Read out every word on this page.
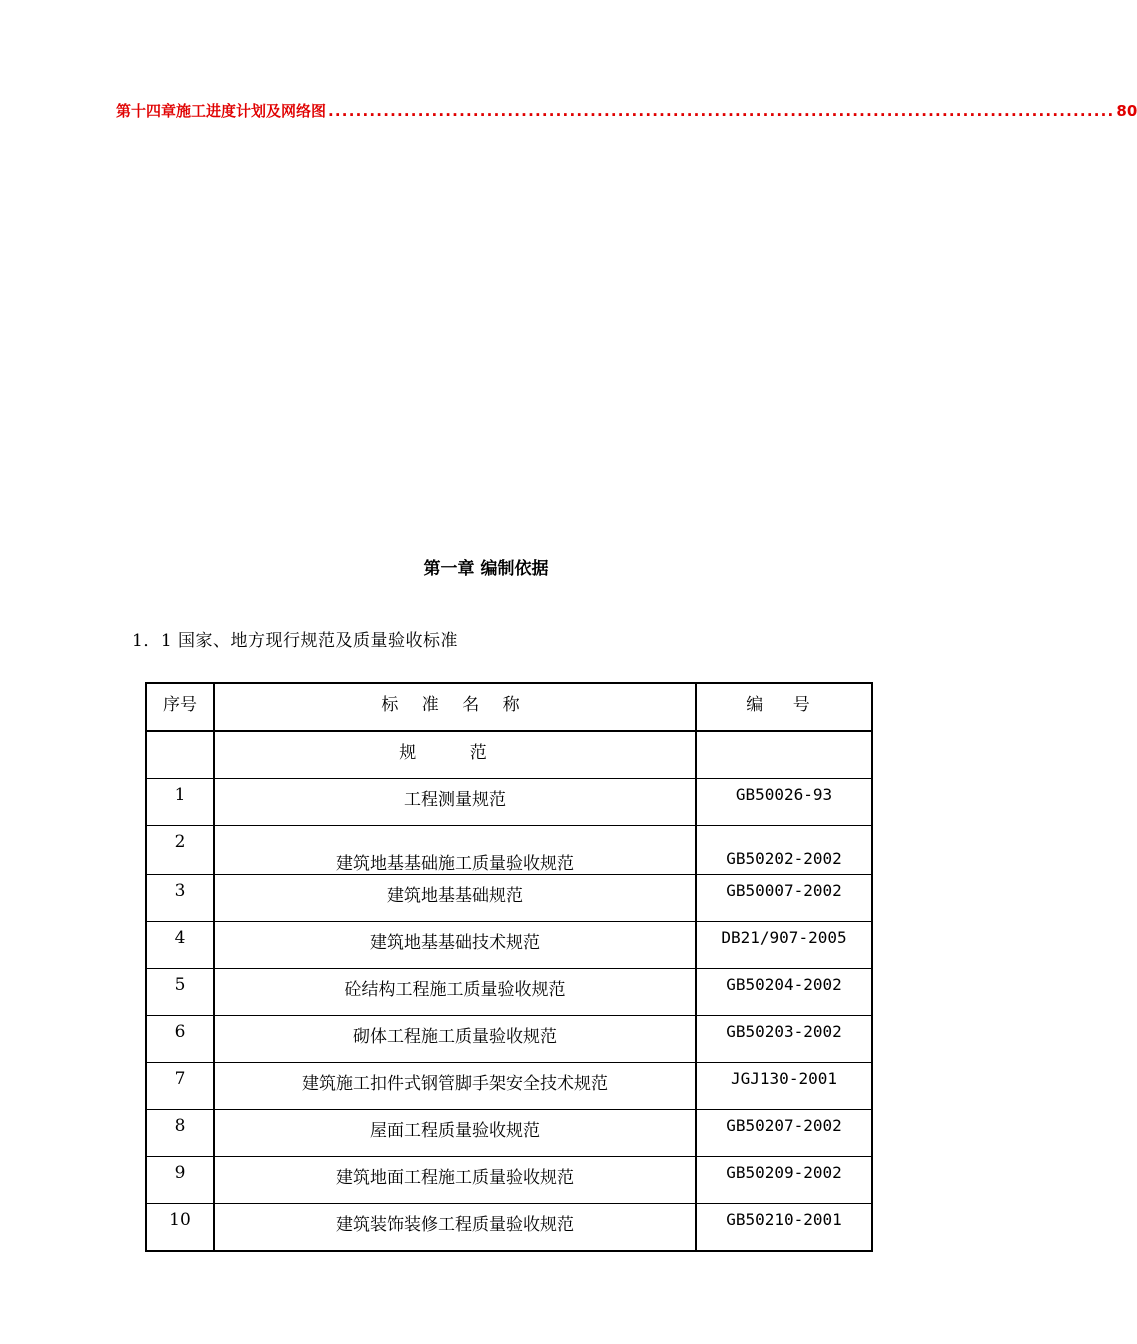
第十四章施工进度计划及网络图 .................................................................................................................. 80
第一章 编制依据
1．1 国家、地方现行规范及质量验收标准
序号	标 准 名 称	编 号

	规 范	

1	工程测量规范	GB50026-93

2	建筑地基基础施工质量验收规范	GB50202-2002

3	建筑地基基础规范	GB50007-2002

4	建筑地基基础技术规范	DB21/907-2005

5	砼结构工程施工质量验收规范	GB50204-2002

6	砌体工程施工质量验收规范	GB50203-2002

7	建筑施工扣件式钢管脚手架安全技术规范	JGJ130-2001

8	屋面工程质量验收规范	GB50207-2002

9	建筑地面工程施工质量验收规范	GB50209-2002

10	建筑装饰装修工程质量验收规范	GB50210-2001
